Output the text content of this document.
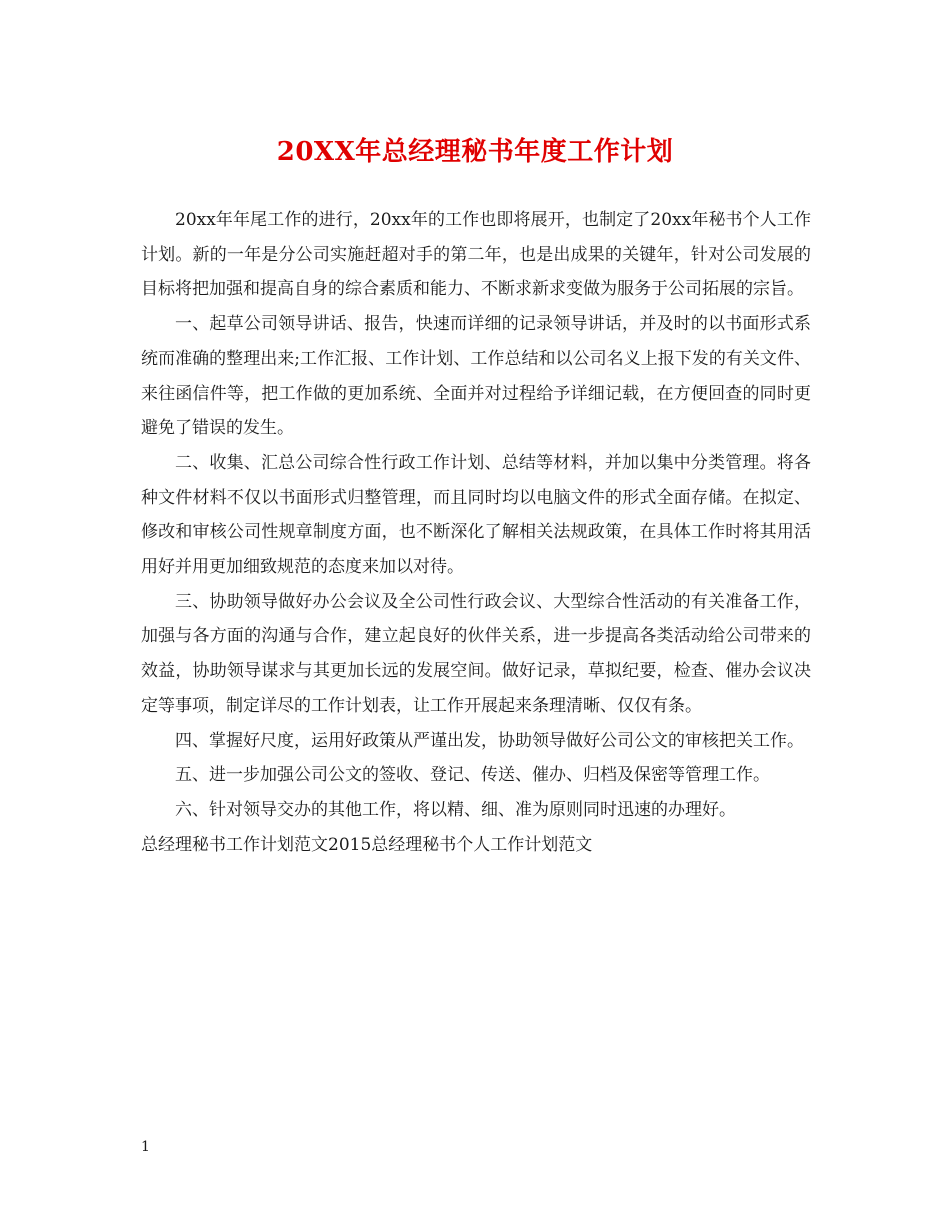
20XX年总经理秘书年度工作计划

20xx年年尾工作的进行，20xx年的工作也即将展开，也制定了20xx年秘书个人工作计划。新的一年是分公司实施赶超对手的第二年，也是出成果的关键年，针对公司发展的目标将把加强和提高自身的综合素质和能力、不断求新求变做为服务于公司拓展的宗旨。

一、起草公司领导讲话、报告，快速而详细的记录领导讲话，并及时的以书面形式系统而准确的整理出来;工作汇报、工作计划、工作总结和以公司名义上报下发的有关文件、来往函信件等，把工作做的更加系统、全面并对过程给予详细记载，在方便回查的同时更避免了错误的发生。

二、收集、汇总公司综合性行政工作计划、总结等材料，并加以集中分类管理。将各种文件材料不仅以书面形式归整管理，而且同时均以电脑文件的形式全面存储。在拟定、修改和审核公司性规章制度方面，也不断深化了解相关法规政策，在具体工作时将其用活用好并用更加细致规范的态度来加以对待。

三、协助领导做好办公会议及全公司性行政会议、大型综合性活动的有关准备工作，加强与各方面的沟通与合作，建立起良好的伙伴关系，进一步提高各类活动给公司带来的效益，协助领导谋求与其更加长远的发展空间。做好记录，草拟纪要，检查、催办会议决定等事项，制定详尽的工作计划表，让工作开展起来条理清晰、仅仅有条。

四、掌握好尺度，运用好政策从严谨出发，协助领导做好公司公文的审核把关工作。

五、进一步加强公司公文的签收、登记、传送、催办、归档及保密等管理工作。

六、针对领导交办的其他工作，将以精、细、准为原则同时迅速的办理好。

总经理秘书工作计划范文2015总经理秘书个人工作计划范文

1
